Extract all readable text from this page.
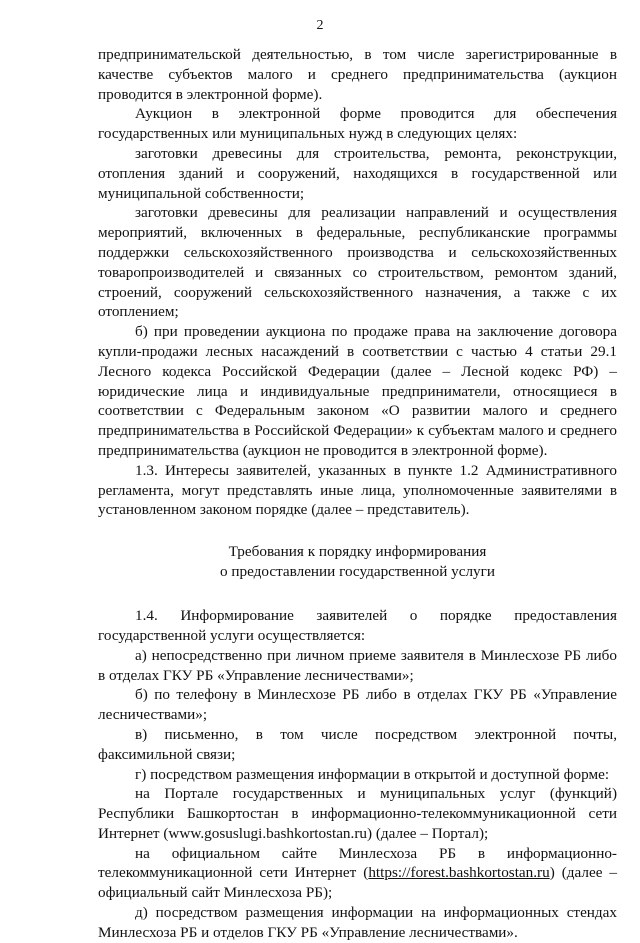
2

предпринимательской деятельностью, в том числе зарегистрированные в качестве субъектов малого и среднего предпринимательства (аукцион проводится в электронной форме).

Аукцион в электронной форме проводится для обеспечения государственных или муниципальных нужд в следующих целях:

заготовки древесины для строительства, ремонта, реконструкции, отопления зданий и сооружений, находящихся в государственной или муниципальной собственности;

заготовки древесины для реализации направлений и осуществления мероприятий, включенных в федеральные, республиканские программы поддержки сельскохозяйственного производства и сельскохозяйственных товаропроизводителей и связанных со строительством, ремонтом зданий, строений, сооружений сельскохозяйственного назначения, а также с их отоплением;

б) при проведении аукциона по продаже права на заключение договора купли-продажи лесных насаждений в соответствии с частью 4 статьи 29.1 Лесного кодекса Российской Федерации (далее – Лесной кодекс РФ) – юридические лица и индивидуальные предприниматели, относящиеся в соответствии с Федеральным законом «О развитии малого и среднего предпринимательства в Российской Федерации» к субъектам малого и среднего предпринимательства (аукцион не проводится в электронной форме).

1.3. Интересы заявителей, указанных в пункте 1.2 Административного регламента, могут представлять иные лица, уполномоченные заявителями в установленном законом порядке (далее – представитель).

Требования к порядку информирования
о предоставлении государственной услуги

1.4. Информирование заявителей о порядке предоставления государственной услуги осуществляется:

а) непосредственно при личном приеме заявителя в Минлесхозе РБ либо в отделах ГКУ РБ «Управление лесничествами»;

б) по телефону в Минлесхозе РБ либо в отделах ГКУ РБ «Управление лесничествами»;

в) письменно, в том числе посредством электронной почты, факсимильной связи;

г) посредством размещения информации в открытой и доступной форме:

на Портале государственных и муниципальных услуг (функций) Республики Башкортостан в информационно-телекоммуникационной сети Интернет (www.gosuslugi.bashkortostan.ru) (далее – Портал);

на официальном сайте Минлесхоза РБ в информационно-телекоммуникационной сети Интернет (https://forest.bashkortostan.ru) (далее – официальный сайт Минлесхоза РБ);

д) посредством размещения информации на информационных стендах Минлесхоза РБ и отделов ГКУ РБ «Управление лесничествами».
